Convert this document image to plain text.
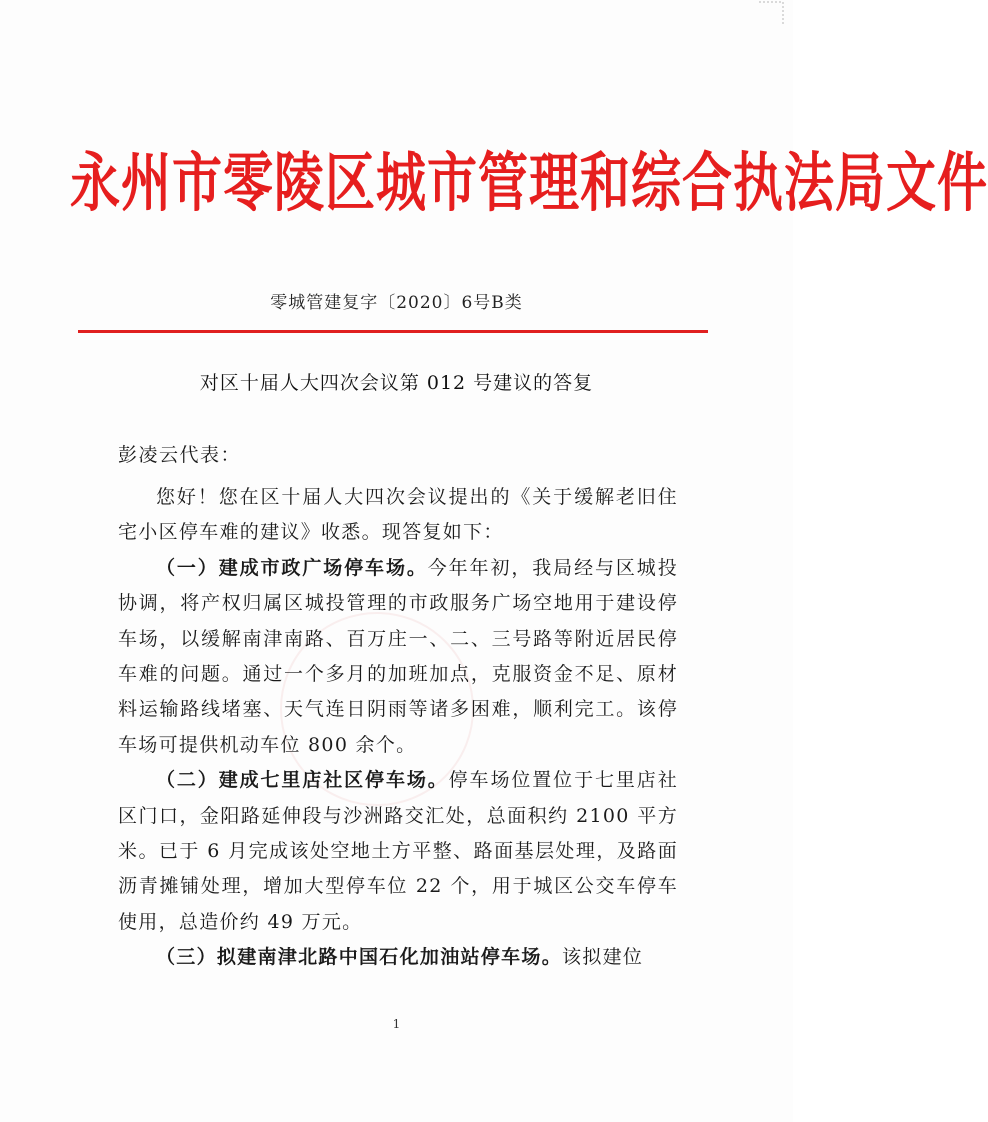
永州市零陵区城市管理和综合执法局文件
零城管建复字〔2020〕6号B类
对区十届人大四次会议第 012 号建议的答复
彭凌云代表：

您好！您在区十届人大四次会议提出的《关于缓解老旧住宅小区停车难的建议》收悉。现答复如下：

（一）建成市政广场停车场。今年年初，我局经与区城投协调，将产权归属区城投管理的市政服务广场空地用于建设停车场，以缓解南津南路、百万庄一、二、三号路等附近居民停车难的问题。通过一个多月的加班加点，克服资金不足、原材料运输路线堵塞、天气连日阴雨等诸多困难，顺利完工。该停车场可提供机动车位 800 余个。

（二）建成七里店社区停车场。停车场位置位于七里店社区门口，金阳路延伸段与沙洲路交汇处，总面积约 2100 平方米。已于 6 月完成该处空地土方平整、路面基层处理，及路面沥青摊铺处理，增加大型停车位 22 个，用于城区公交车停车使用，总造价约 49 万元。

（三）拟建南津北路中国石化加油站停车场。该拟建位

1
